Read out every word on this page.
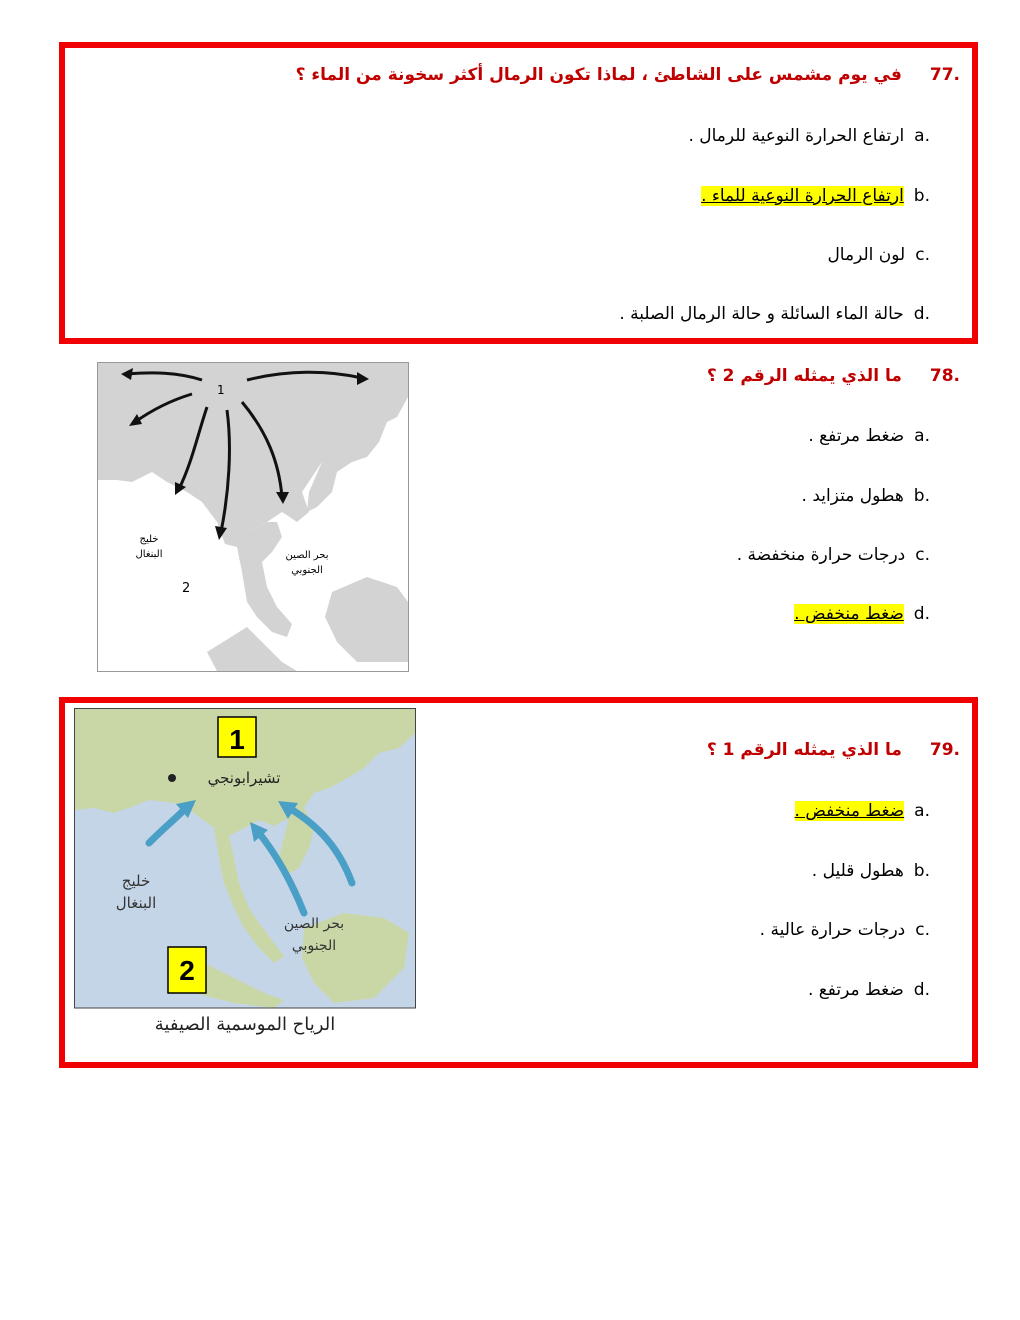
.77في يوم مشمس على الشاطئ ، لماذا تكون الرمال أكثر سخونة من الماء ؟
.aارتفاع الحرارة النوعية للرمال .
.bارتفاع الحرارة النوعية للماء .
.cلون الرمال
.dحالة الماء السائلة و حالة الرمال الصلبة .
.78ما الذي يمثله الرقم 2 ؟
.aضغط مرتفع .
.bهطول متزايد .
.cدرجات حرارة منخفضة .
.dضغط منخفض .
1
خليج
البنغال	بحر الصين
الجنوبي
2
.79ما الذي يمثله الرقم 1 ؟
.aضغط منخفض .
.bهطول قليل .
.cدرجات حرارة عالية .
.dضغط مرتفع .
الرياح الموسمية الصيفية
تشيرابونجي
خليج
البنغال
بحر الصين
الجنوبي
1
2
